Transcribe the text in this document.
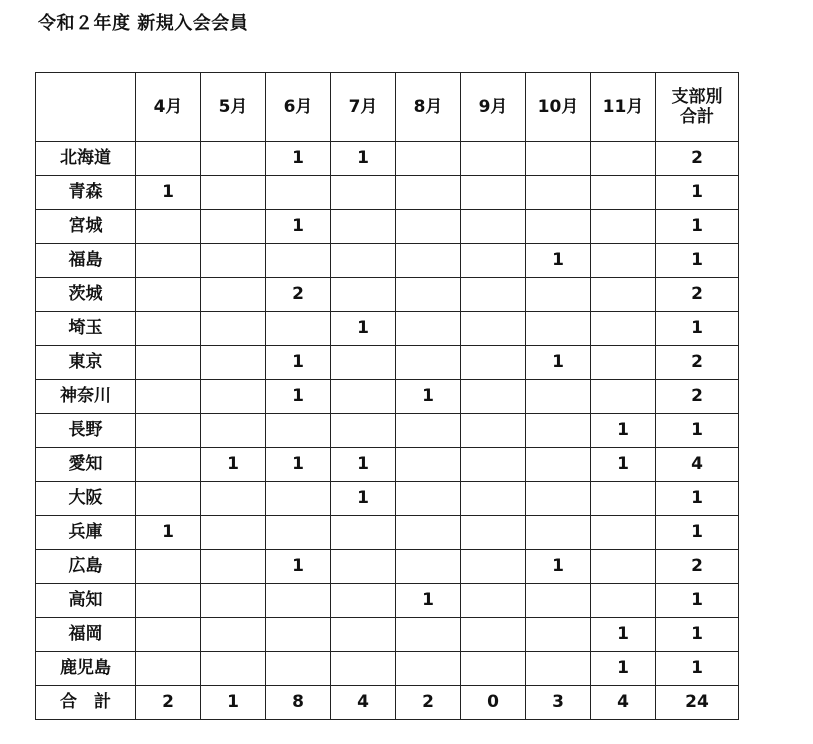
令和２年度 新規入会会員
	4月	5月	6月	7月	8月	9月	10月	11月	支部別
合計

北海道			1	1					2
青森	1								1
宮城			1						1
福島							1		1
茨城			2						2
埼玉				1					1
東京			1				1		2
神奈川			1		1				2
長野								1	1
愛知		1	1	1				1	4
大阪				1					1
兵庫	1								1
広島			1				1		2
高知					1				1
福岡								1	1
鹿児島								1	1
合　計	2	1	8	4	2	0	3	4	24
